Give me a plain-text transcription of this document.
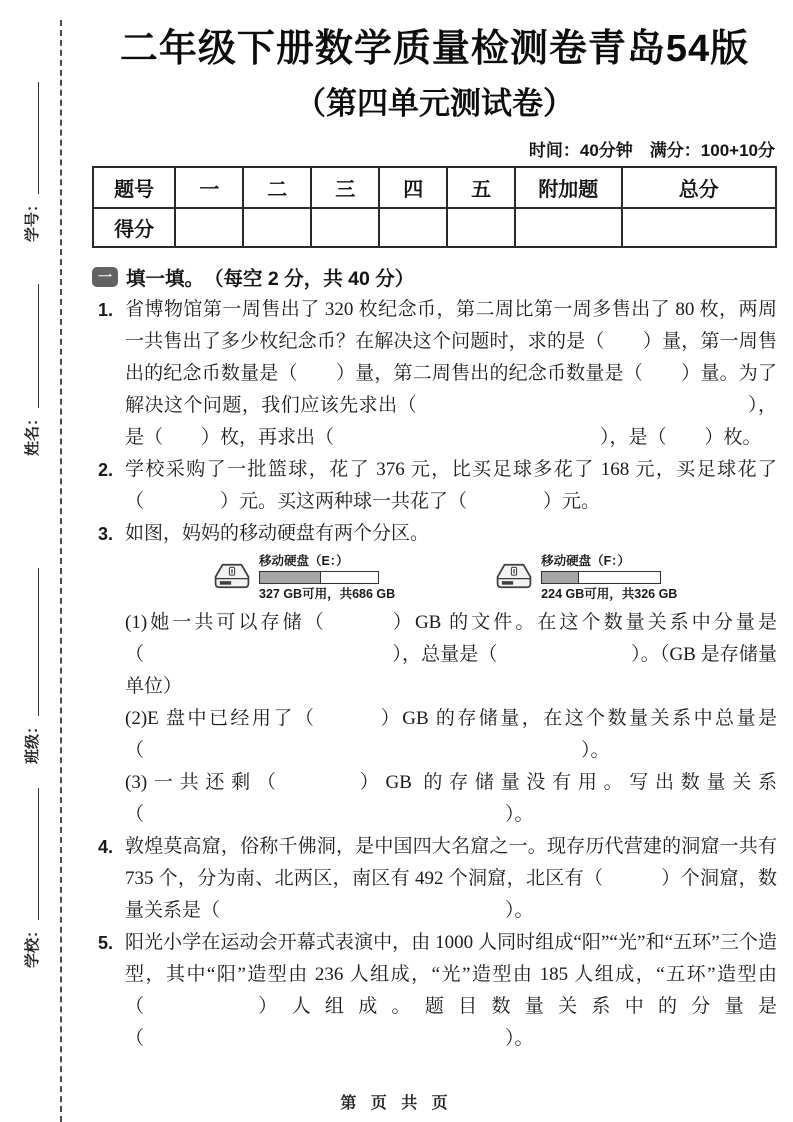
学号：
姓名：
班级：
学校：
二年级下册数学质量检测卷青岛54版
（第四单元测试卷）
时间：40分钟　满分：100+10分
题号	一	二	三	四	五	附加题	总分
得分							
一 填一填。 （每空 2 分，共 40 分）
1. 省博物馆第一周售出了 320 枚纪念币，第二周比第一周多售出了 80 枚，两周一共售出了多少枚纪念币？在解决这个问题时，求的是（　　）量，第一周售出的纪念币数量是（　　）量，第二周售出的纪念币数量是（　　）量。为了解决这个问题，我们应该先求出（　　　　　　　　　　　　　　　　　），是（　　）枚，再求出（　　　　　　　　　　　　　　），是（　　）枚。
2. 学校采购了一批篮球，花了 376 元，比买足球多花了 168 元，买足球花了（　　　　）元。买这两种球一共花了（　　　　）元。
3. 如图，妈妈的移动硬盘有两个分区。
移动硬盘（E：）
327 GB可用，共686 GB
移动硬盘（F：）
224 GB可用，共326 GB
(1)她一共可以存储（　　　）GB 的文件。在这个数量关系中分量是（　　　　　　　　　　　　　），总量是（　　　　　　　）。（GB 是存储量单位）
(2)E 盘中已经用了（　　　）GB 的存储量，在这个数量关系中总量是（　　　　　　　　　　　　　　　　　　　　　　　）。
(3)一共还剩（　　　）GB 的存储量没有用。写出数量关系（　　　　　　　　　　　　　　　　　　　）。
4. 敦煌莫高窟，俗称千佛洞，是中国四大名窟之一。现存历代营建的洞窟一共有 735 个，分为南、北两区，南区有 492 个洞窟，北区有（　　　）个洞窟，数量关系是（　　　　　　　　　　　　　　　）。
5. 阳光小学在运动会开幕式表演中，由 1000 人同时组成“阳”“光”和“五环”三个造型，其中“阳”造型由 236 人组成，“光”造型由 185 人组成，“五环”造型由（　　　）人组成。题目数量关系中的分量是（　　　　　　　　　　　　　　　　　　　）。
第 页 共 页
